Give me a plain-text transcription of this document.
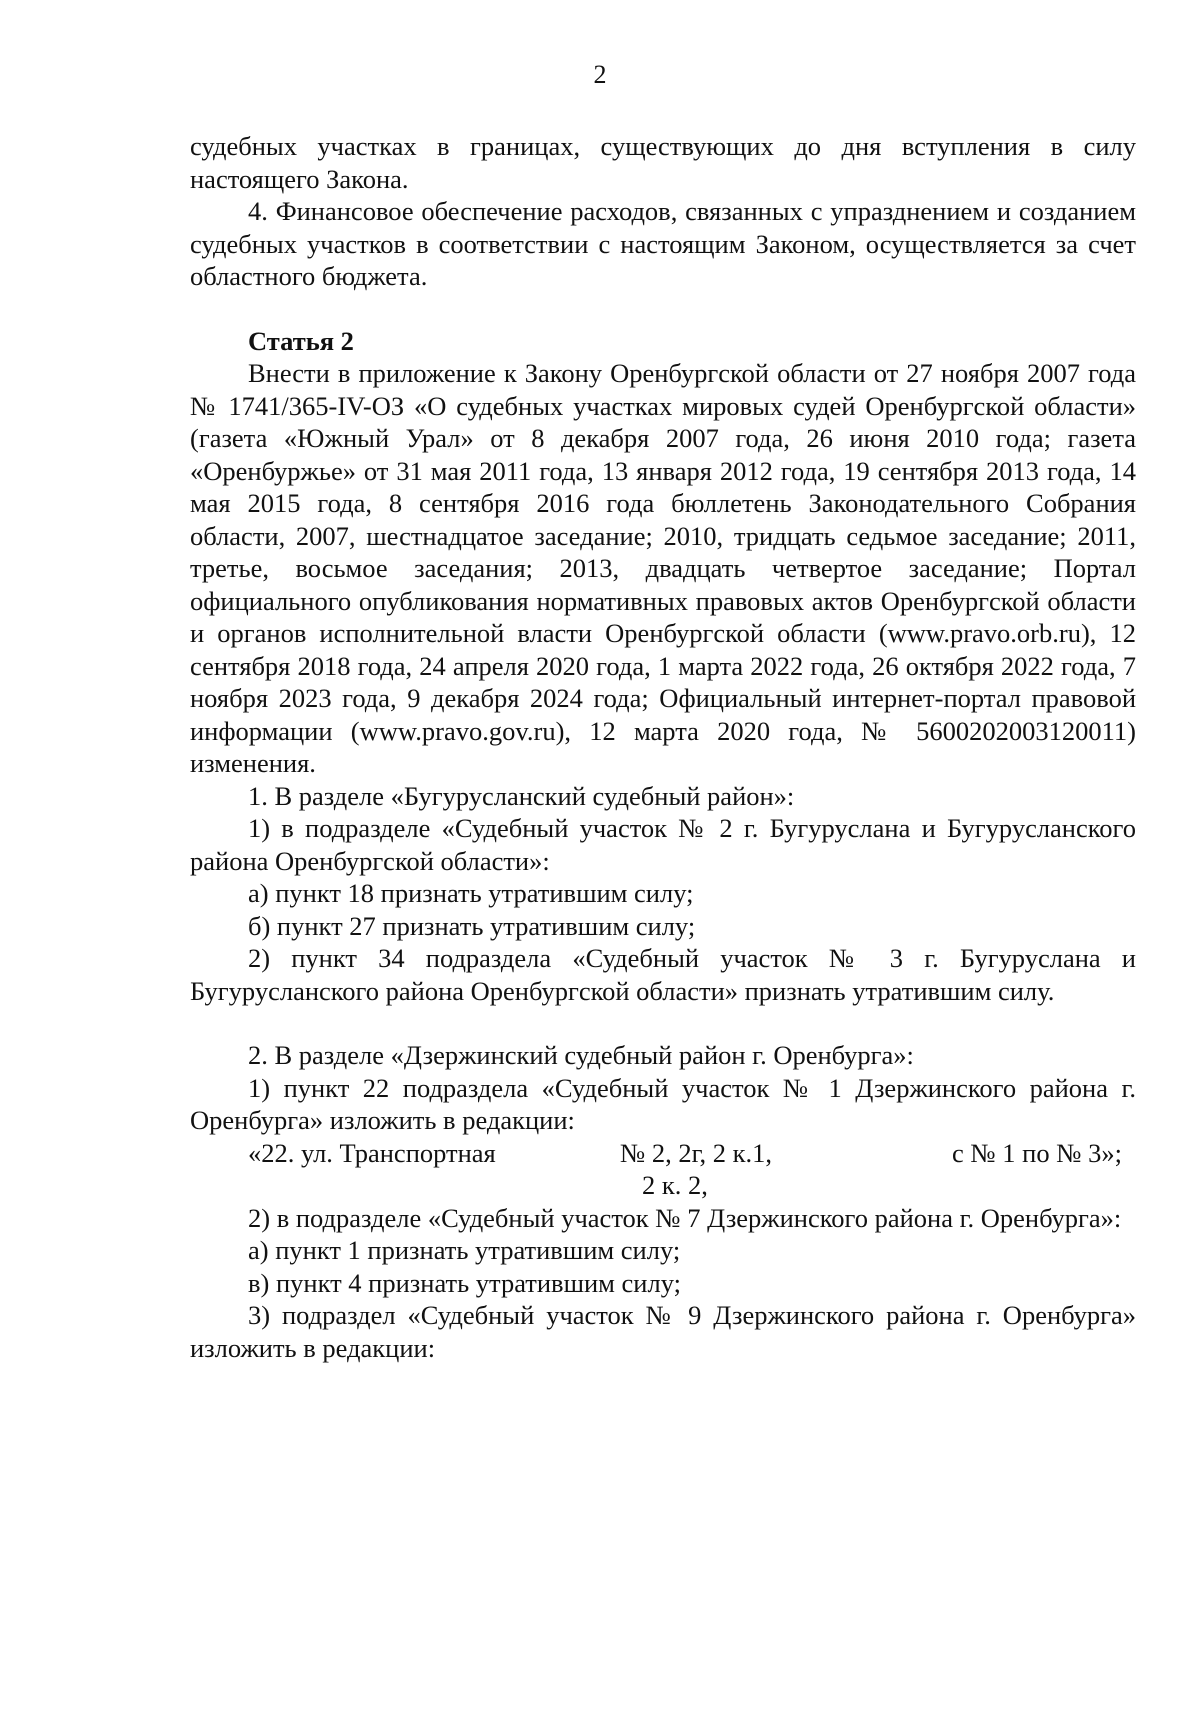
2

судебных участках в границах, существующих до дня вступления в силу настоящего Закона.

4. Финансовое обеспечение расходов, связанных с упразднением и созданием судебных участков в соответствии с настоящим Законом, осуществляется за счет областного бюджета.

Статья 2

Внести в приложение к Закону Оренбургской области от 27 ноября 2007 года № 1741/365-IV-ОЗ «О судебных участках мировых судей Оренбургской области» (газета «Южный Урал» от 8 декабря 2007 года, 26 июня 2010 года; газета «Оренбуржье» от 31 мая 2011 года, 13 января 2012 года, 19 сентября 2013 года, 14 мая 2015 года, 8 сентября 2016 года бюллетень Законодательного Собрания области, 2007, шестнадцатое заседание; 2010, тридцать седьмое заседание; 2011, третье, восьмое заседания; 2013, двадцать четвертое заседание; Портал официального опубликования нормативных правовых актов Оренбургской области и органов исполнительной власти Оренбургской области (www.pravo.orb.ru), 12 сентября 2018 года, 24 апреля 2020 года, 1 марта 2022 года, 26 октября 2022 года, 7 ноября 2023 года, 9 декабря 2024 года; Официальный интернет-портал правовой информации (www.pravo.gov.ru), 12 марта 2020 года, № 5600202003120011) изменения.

1. В разделе «Бугурусланский судебный район»:

1) в подразделе «Судебный участок № 2 г. Бугуруслана и Бугурусланского района Оренбургской области»:

а) пункт 18 признать утратившим силу;

б) пункт 27 признать утратившим силу;

2) пункт 34 подраздела «Судебный участок № 3 г. Бугуруслана и Бугурусланского района Оренбургской области» признать утратившим силу.

2. В разделе «Дзержинский судебный район г. Оренбурга»:

1) пункт 22 подраздела «Судебный участок № 1 Дзержинского района г. Оренбурга» изложить в редакции:

«22. ул. Транспортная	№ 2, 2г, 2 к.1,	с № 1 по № 3»;
2 к. 2,

2) в подразделе «Судебный участок № 7 Дзержинского района г. Оренбурга»:

а) пункт 1 признать утратившим силу;

в) пункт 4 признать утратившим силу;

3) подраздел «Судебный участок № 9 Дзержинского района г. Оренбурга» изложить в редакции:
